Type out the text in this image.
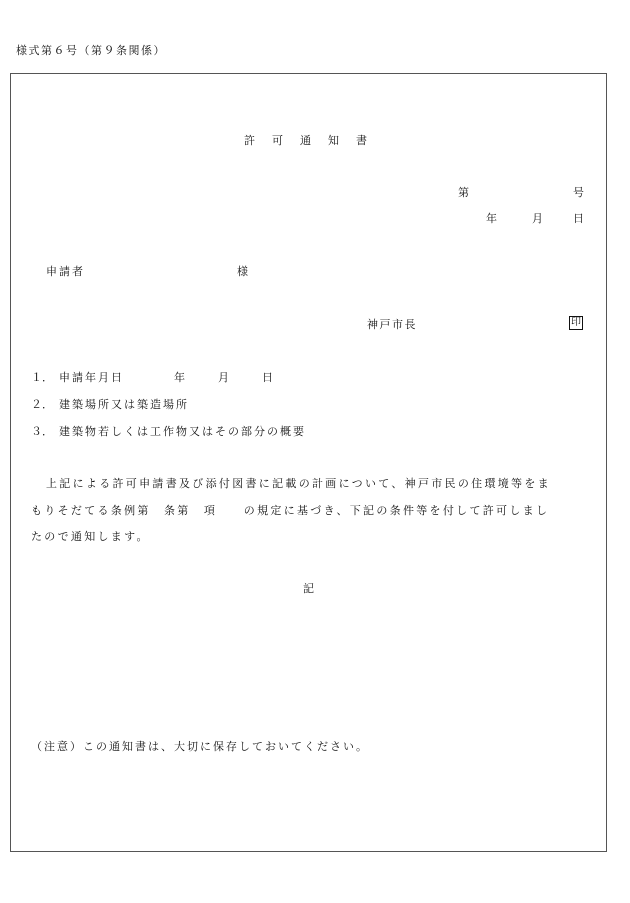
様式第６号（第９条関係）
許 可 通 知 書
第	号
年	月	日
申請者	様
神戸市長	印
１． 申請年月日	年	月	日
２． 建築場所又は築造場所
３． 建築物若しくは工作物又はその部分の概要
上記による許可申請書及び添付図書に記載の計画について、神戸市民の住環境等をま
もりそだてる条例第　条第　項　　の規定に基づき、下記の条件等を付して許可しまし
たので通知します。
記
（注意）この通知書は、大切に保存しておいてください。
